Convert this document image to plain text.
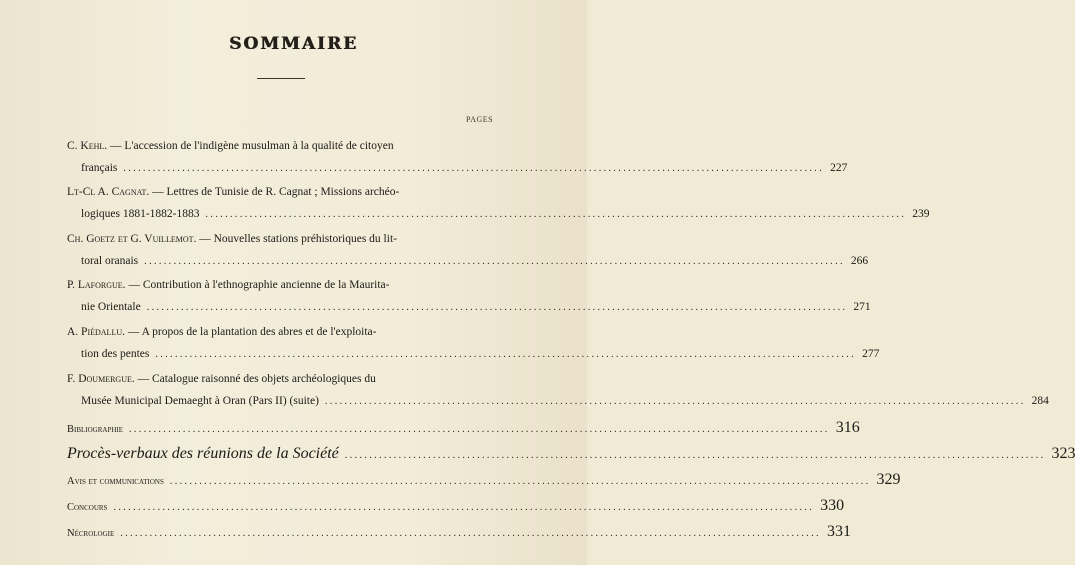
SOMMAIRE
PAGES
C. Kehl. — L'accession de l'indigène musulman à la qualité de citoyen
français ............................................................................................................................................... 227
Lt-Cl A. Cagnat. — Lettres de Tunisie de R. Cagnat ; Missions archéo-
logiques 1881-1882-1883 ............................................................................................................................................... 239
Ch. Goetz et G. Vuillemot. — Nouvelles stations préhistoriques du lit-
toral oranais ............................................................................................................................................... 266
P. Laforgue. — Contribution à l'ethnographie ancienne de la Maurita-
nie Orientale ............................................................................................................................................... 271
A. Piédallu. — A propos de la plantation des abres et de l'exploita-
tion des pentes ............................................................................................................................................... 277
F. Doumergue. — Catalogue raisonné des objets archéologiques du
Musée Municipal Demaeght à Oran (Pars II) (suite) ............................................................................................................................................... 284
Bibliographie ............................................................................................................................................... 316
Procès-verbaux des réunions de la Société ............................................................................................................................................... 323
Avis et communications ............................................................................................................................................... 329
Concours ............................................................................................................................................... 330
Nécrologie ............................................................................................................................................... 331
